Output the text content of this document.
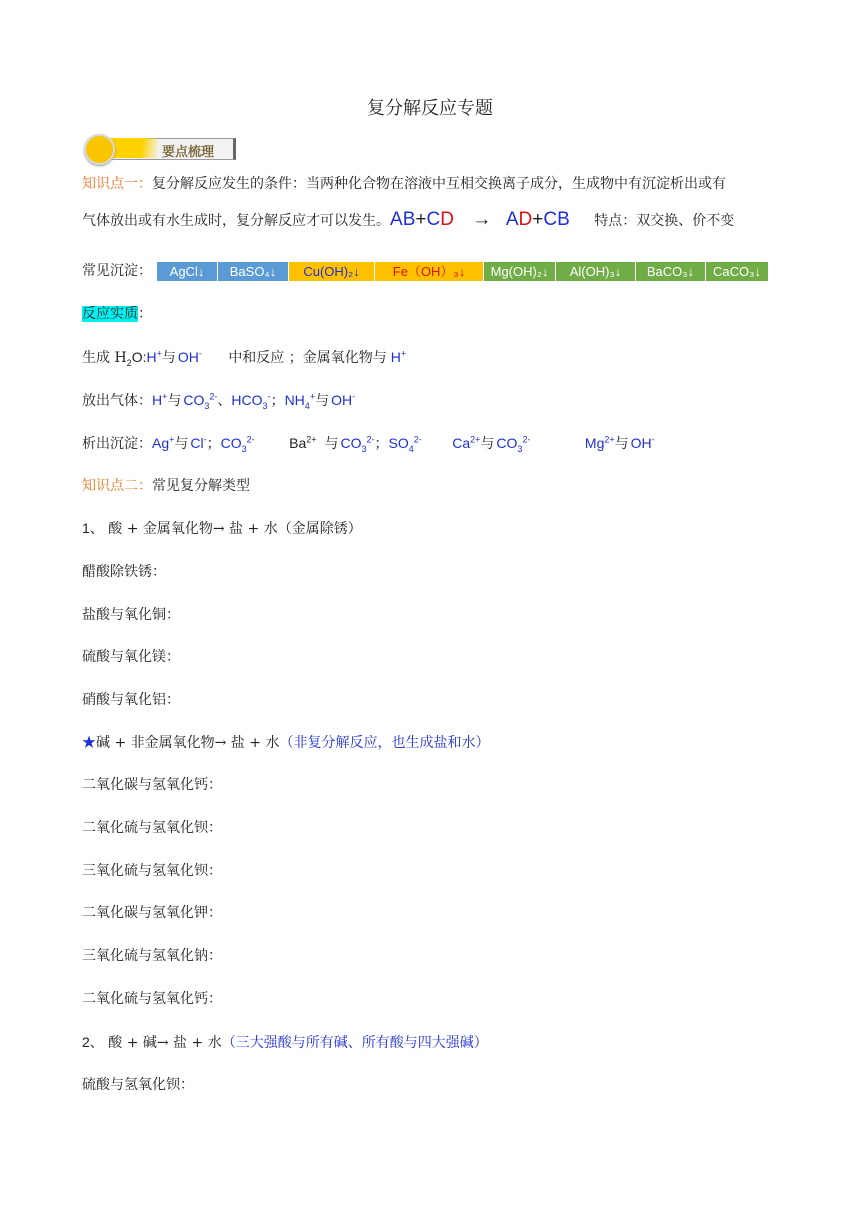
复分解反应专题
要点梳理
知识点一：复分解反应发生的条件：当两种化合物在溶液中互相交换离子成分，生成物中有沉淀析出或有
气体放出或有水生成时，复分解反应才可以发生。AB+CD → AD+CB 特点：双交换、价不变
常见沉淀：	AgCl↓	BaSO₄↓	Cu(OH)₂↓	Fe（OH）₃↓	Mg(OH)₂↓	Al(OH)₃↓	BaCO₃↓	CaCO₃↓
反应实质：
生成 $H_2O:H^+$与 OH- 中和反应 ；金属氧化物与 H+
放出气体：H+与 $CO_3^{2-}$、$HCO_3^-$；$NH_4^+$与 OH-
析出沉淀：Ag+与 Cl-；$CO_3^{2-}$ $Ba^{2+}$ 与 $CO_3^{2-}$；$SO_4^{2-}$ $Ca^{2+}$与 $CO_3^{2-}$	$Mg^{2+}$与 OH-
知识点二：常见复分解类型
1、 酸 + 金属氧化物→ 盐 + 水（金属除锈）
醋酸除铁锈：
盐酸与氧化铜：
硫酸与氧化镁：
硝酸与氧化铝：
★碱 + 非金属氧化物→ 盐 + 水（非复分解反应，也生成盐和水）
二氧化碳与氢氧化钙：
二氧化硫与氢氧化钡：
三氧化硫与氢氧化钡：
二氧化碳与氢氧化钾：
三氧化硫与氢氧化钠：
二氧化硫与氢氧化钙：
2、 酸 + 碱→ 盐 + 水（三大强酸与所有碱、所有酸与四大强碱）
硫酸与氢氧化钡：
